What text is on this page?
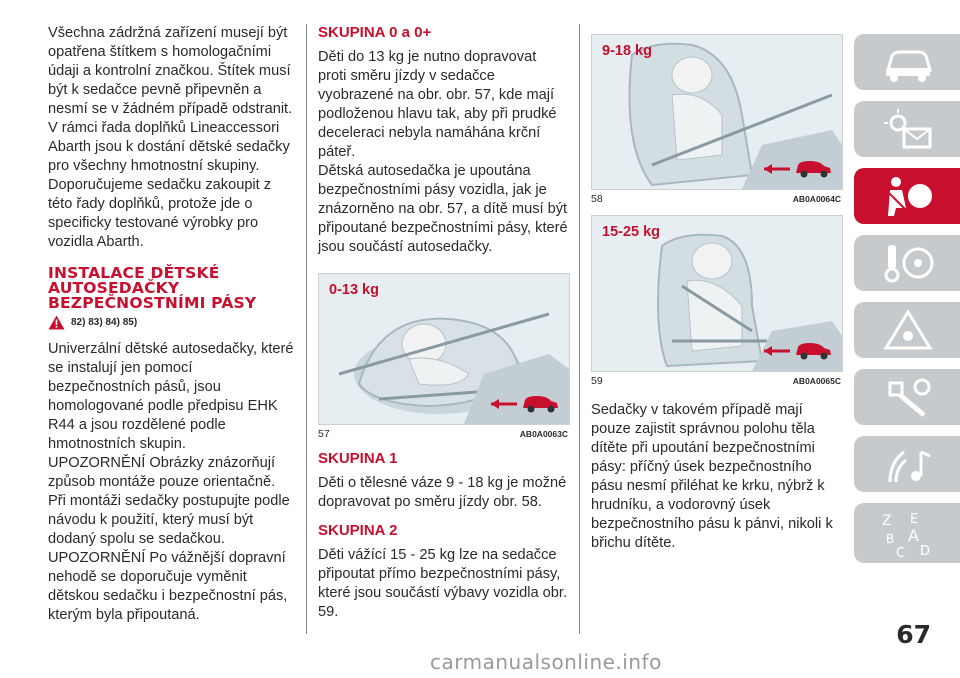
Všechna zádržná zařízení musejí být opatřena štítkem s homologačními údaji a kontrolní značkou. Štítek musí být k sedačce pevně připevněn a nesmí se v žádném případě odstranit.

V rámci řada doplňků Lineaccessori Abarth jsou k dostání dětské sedačky pro všechny hmotnostní skupiny. Doporučujeme sedačku zakoupit z této řady doplňků, protože jde o specificky testované výrobky pro vozidla Abarth.

INSTALACE DĚTSKÉ AUTOSEDAČKY BEZPEČNOSTNÍMI PÁSY
82) 83) 84) 85)

Univerzální dětské autosedačky, které se instalují jen pomocí bezpečnostních pásů, jsou homologované podle předpisu EHK R44 a jsou rozdělené podle hmotnostních skupin.

UPOZORNĚNÍ Obrázky znázorňují způsob montáže pouze orientačně. Při montáži sedačky postupujte podle návodu k použití, který musí být dodaný spolu se sedačkou.

UPOZORNĚNÍ Po vážnější dopravní nehodě se doporučuje vyměnit dětskou sedačku i bezpečnostní pás, kterým byla připoutaná.

SKUPINA 0 a 0+

Děti do 13 kg je nutno dopravovat proti směru jízdy v sedačce vyobrazené na obr. obr. 57, kde mají podloženou hlavu tak, aby při prudké deceleraci nebyla namáhána krční páteř.

Dětská autosedačka je upoutána bezpečnostními pásy vozidla, jak je znázorněno na obr. 57, a dítě musí být připoutané bezpečnostními pásy, které jsou součástí autosedačky.

0-13 kg
57	AB0A0063C
SKUPINA 1

Děti o tělesné váze 9 - 18 kg je možné dopravovat po směru jízdy obr. 58.

SKUPINA 2

Děti vážící 15 - 25 kg lze na sedačce připoutat přímo bezpečnostními pásy, které jsou součástí výbavy vozidla obr. 59.

9-18 kg
58	AB0A0064C
15-25 kg
59	AB0A0065C

Sedačky v takovém případě mají pouze zajistit správnou polohu těla dítěte při upoutání bezpečnostními pásy: příčný úsek bezpečnostního pásu nesmí přiléhat ke krku, nýbrž k hrudníku, a vodorovný úsek bezpečnostního pásu k pánvi, nikoli k břichu dítěte.

Z E
B A
C D
67
carmanualsonline.info
